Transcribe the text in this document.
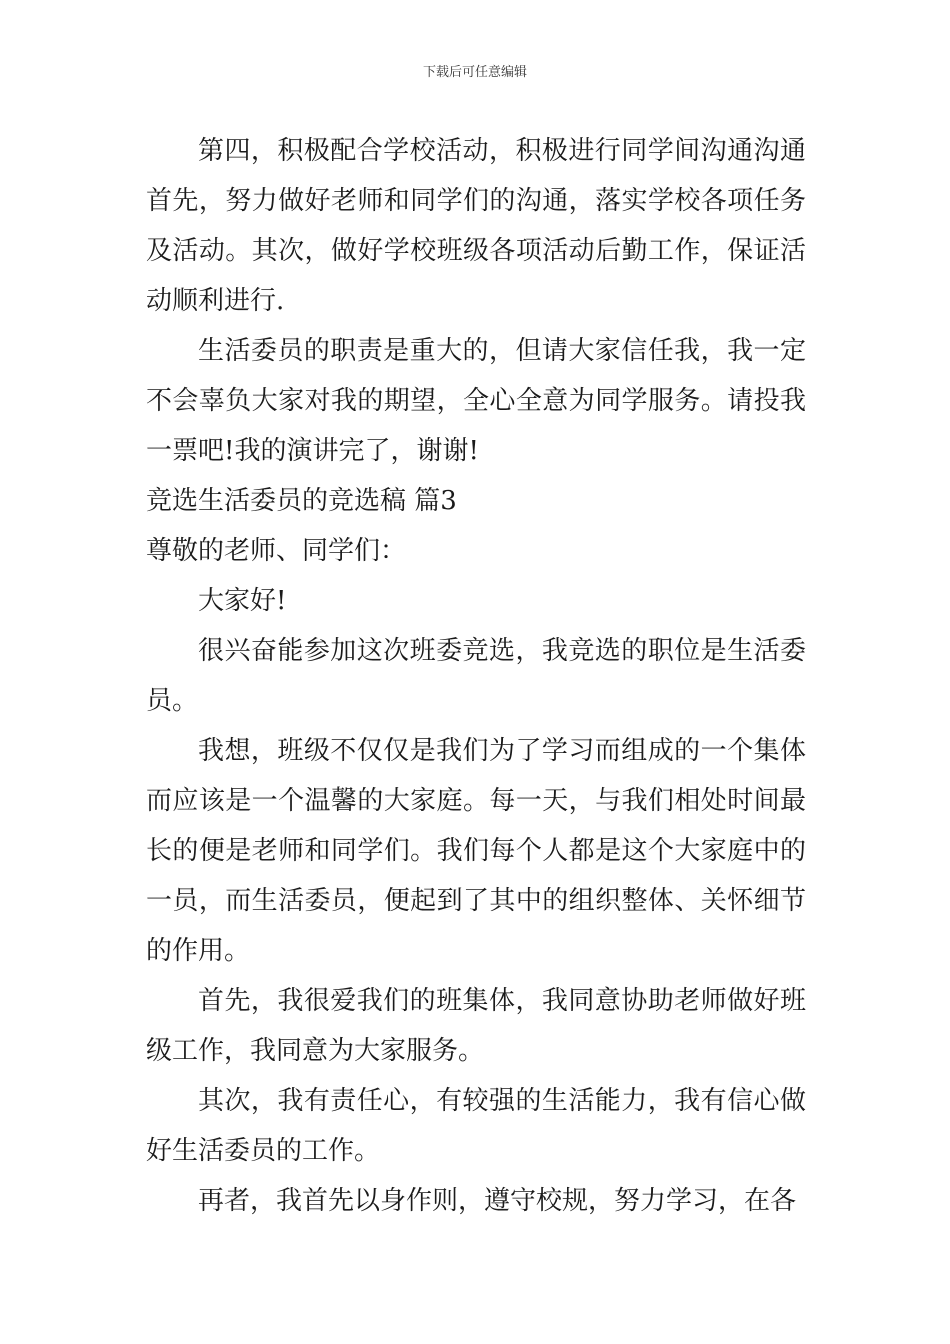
下载后可任意编辑

第四，积极配合学校活动，积极进行同学间沟通沟通首先，努力做好老师和同学们的沟通，落实学校各项任务及活动。其次，做好学校班级各项活动后勤工作，保证活动顺利进行.

生活委员的职责是重大的，但请大家信任我，我一定不会辜负大家对我的期望，全心全意为同学服务。请投我一票吧!我的演讲完了，谢谢!

竞选生活委员的竞选稿 篇3

尊敬的老师、同学们：

大家好!

很兴奋能参加这次班委竞选，我竞选的职位是生活委员。

我想，班级不仅仅是我们为了学习而组成的一个集体而应该是一个温馨的大家庭。每一天，与我们相处时间最长的便是老师和同学们。我们每个人都是这个大家庭中的一员，而生活委员，便起到了其中的组织整体、关怀细节的作用。

首先，我很爱我们的班集体，我同意协助老师做好班级工作，我同意为大家服务。

其次，我有责任心，有较强的生活能力，我有信心做好生活委员的工作。

再者，我首先以身作则，遵守校规，努力学习，在各
